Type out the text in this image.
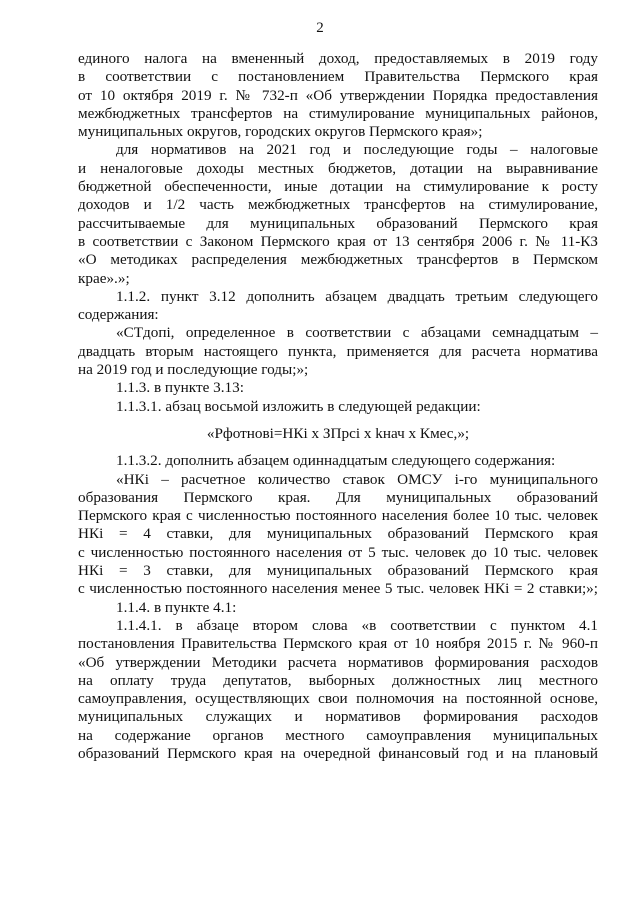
2
единого налога на вмененный доход, предоставляемых в 2019 году
в соответствии с постановлением Правительства Пермского края
от 10 октября 2019 г. № 732-п «Об утверждении Порядка предоставления
межбюджетных трансфертов на стимулирование муниципальных районов,
муниципальных округов, городских округов Пермского края»;
для нормативов на 2021 год и последующие годы – налоговые
и неналоговые доходы местных бюджетов, дотации на выравнивание
бюджетной обеспеченности, иные дотации на стимулирование к росту
доходов и 1/2 часть межбюджетных трансфертов на стимулирование,
рассчитываемые для муниципальных образований Пермского края
в соответствии с Законом Пермского края от 13 сентября 2006 г. № 11-КЗ
«О методиках распределения межбюджетных трансфертов в Пермском
крае».»;
1.1.2. пункт 3.12 дополнить абзацем двадцать третьим следующего
содержания:
«СТдопi, определенное в соответствии с абзацами семнадцатым –
двадцать вторым настоящего пункта, применяется для расчета норматива
на 2019 год и последующие годы;»;
1.1.3. в пункте 3.13:
1.1.3.1. абзац восьмой изложить в следующей редакции:
«Рфотновi=НКi х ЗПрсi х kнач х Кмес,»;
1.1.3.2. дополнить абзацем одиннадцатым следующего содержания:
«НКi – расчетное количество ставок ОМСУ i-го муниципального
образования Пермского края. Для муниципальных образований
Пермского края с численностью постоянного населения более 10 тыс. человек
НКi = 4 ставки, для муниципальных образований Пермского края
с численностью постоянного населения от 5 тыс. человек до 10 тыс. человек
НКi = 3 ставки, для муниципальных образований Пермского края
с численностью постоянного населения менее 5 тыс. человек НКi = 2 ставки;»;
1.1.4. в пункте 4.1:
1.1.4.1. в абзаце втором слова «в соответствии с пунктом 4.1
постановления Правительства Пермского края от 10 ноября 2015 г. № 960-п
«Об утверждении Методики расчета нормативов формирования расходов
на оплату труда депутатов, выборных должностных лиц местного
самоуправления, осуществляющих свои полномочия на постоянной основе,
муниципальных служащих и нормативов формирования расходов
на содержание органов местного самоуправления муниципальных
образований Пермского края на очередной финансовый год и на плановый
